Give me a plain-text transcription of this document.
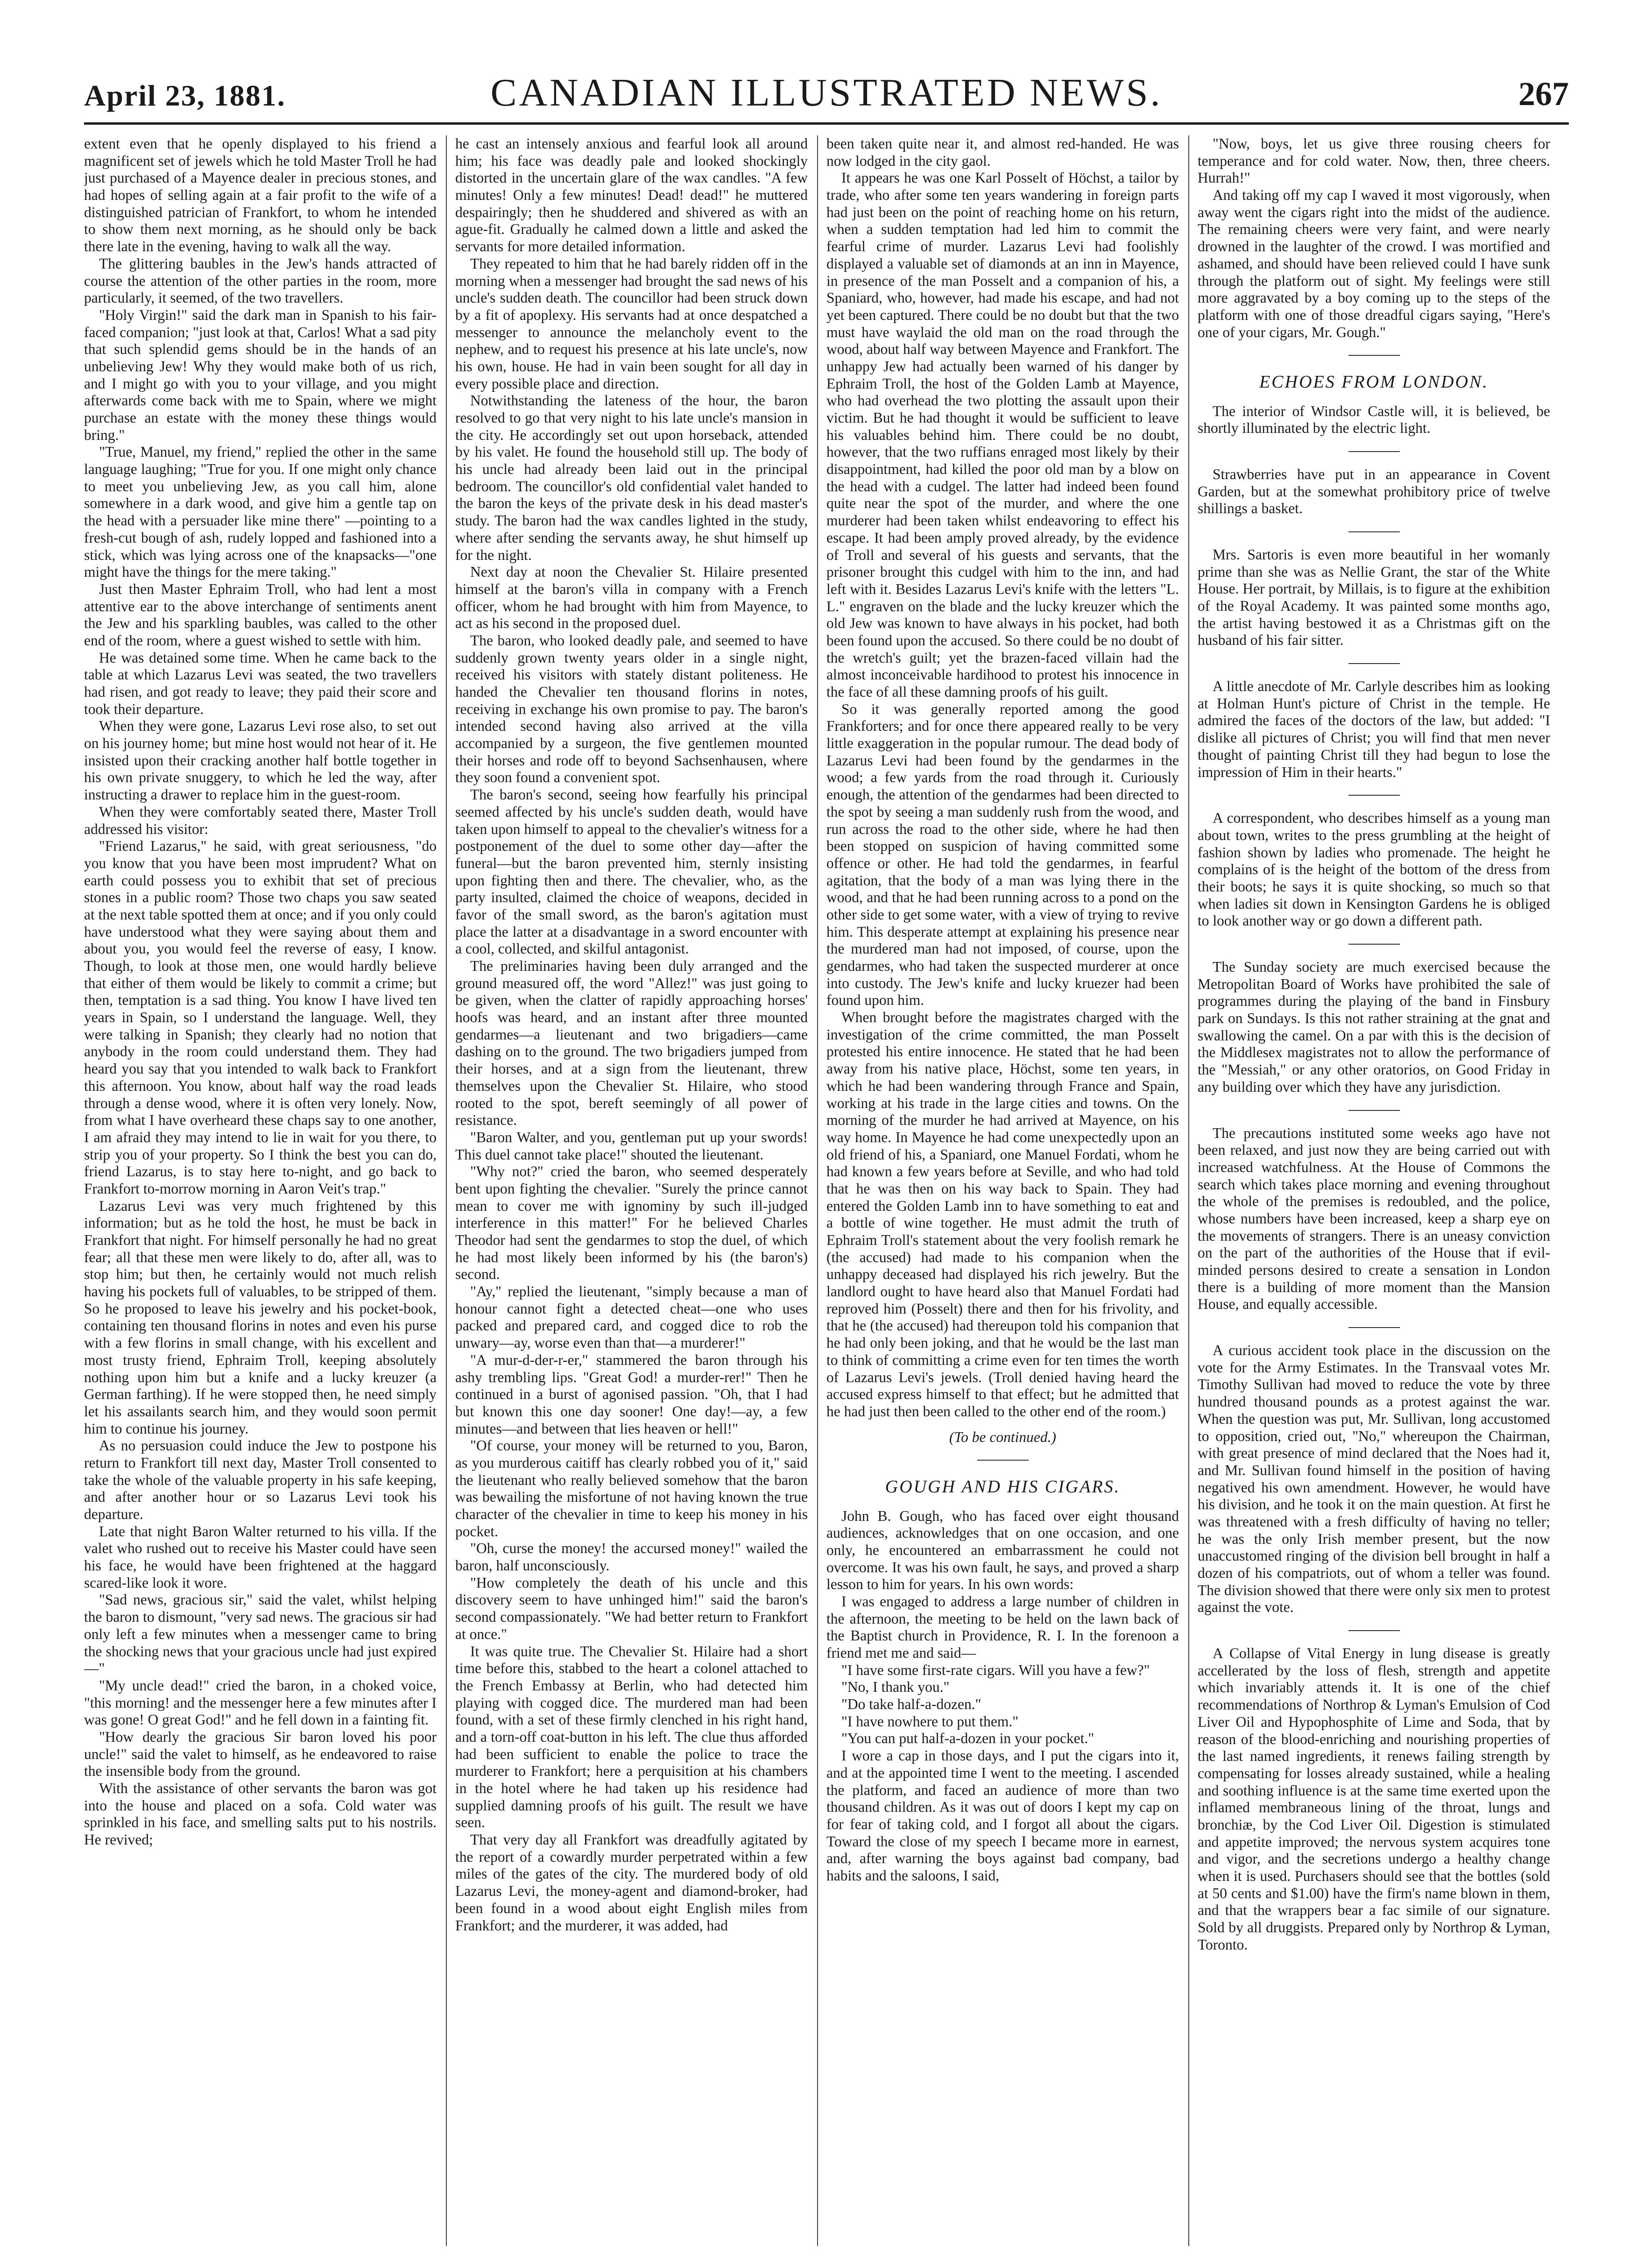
April 23, 1881.	CANADIAN ILLUSTRATED NEWS.	267

extent even that he openly displayed to his friend a magnificent set of jewels which he told Master Troll he had just purchased of a Mayence dealer in precious stones, and had hopes of selling again at a fair profit to the wife of a distinguished patrician of Frankfort, to whom he intended to show them next morning, as he should only be back there late in the evening, having to walk all the way.

The glittering baubles in the Jew's hands attracted of course the attention of the other parties in the room, more particularly, it seemed, of the two travellers.

"Holy Virgin!" said the dark man in Spanish to his fair-faced companion; "just look at that, Carlos! What a sad pity that such splendid gems should be in the hands of an unbelieving Jew! Why they would make both of us rich, and I might go with you to your village, and you might afterwards come back with me to Spain, where we might purchase an estate with the money these things would bring."

"True, Manuel, my friend," replied the other in the same language laughing; "True for you. If one might only chance to meet you unbelieving Jew, as you call him, alone somewhere in a dark wood, and give him a gentle tap on the head with a persuader like mine there" —pointing to a fresh-cut bough of ash, rudely lopped and fashioned into a stick, which was lying across one of the knapsacks—"one might have the things for the mere taking."

Just then Master Ephraim Troll, who had lent a most attentive ear to the above interchange of sentiments anent the Jew and his sparkling baubles, was called to the other end of the room, where a guest wished to settle with him.

He was detained some time. When he came back to the table at which Lazarus Levi was seated, the two travellers had risen, and got ready to leave; they paid their score and took their departure.

When they were gone, Lazarus Levi rose also, to set out on his journey home; but mine host would not hear of it. He insisted upon their cracking another half bottle together in his own private snuggery, to which he led the way, after instructing a drawer to replace him in the guest-room.

When they were comfortably seated there, Master Troll addressed his visitor:

"Friend Lazarus," he said, with great seriousness, "do you know that you have been most imprudent? What on earth could possess you to exhibit that set of precious stones in a public room? Those two chaps you saw seated at the next table spotted them at once; and if you only could have understood what they were saying about them and about you, you would feel the reverse of easy, I know. Though, to look at those men, one would hardly believe that either of them would be likely to commit a crime; but then, temptation is a sad thing. You know I have lived ten years in Spain, so I understand the language. Well, they were talking in Spanish; they clearly had no notion that anybody in the room could understand them. They had heard you say that you intended to walk back to Frankfort this afternoon. You know, about half way the road leads through a dense wood, where it is often very lonely. Now, from what I have overheard these chaps say to one another, I am afraid they may intend to lie in wait for you there, to strip you of your property. So I think the best you can do, friend Lazarus, is to stay here to-night, and go back to Frankfort to-morrow morning in Aaron Veit's trap."

Lazarus Levi was very much frightened by this information; but as he told the host, he must be back in Frankfort that night. For himself personally he had no great fear; all that these men were likely to do, after all, was to stop him; but then, he certainly would not much relish having his pockets full of valuables, to be stripped of them. So he proposed to leave his jewelry and his pocket-book, containing ten thousand florins in notes and even his purse with a few florins in small change, with his excellent and most trusty friend, Ephraim Troll, keeping absolutely nothing upon him but a knife and a lucky kreuzer (a German farthing). If he were stopped then, he need simply let his assailants search him, and they would soon permit him to continue his journey.

As no persuasion could induce the Jew to postpone his return to Frankfort till next day, Master Troll consented to take the whole of the valuable property in his safe keeping, and after another hour or so Lazarus Levi took his departure.

Late that night Baron Walter returned to his villa. If the valet who rushed out to receive his Master could have seen his face, he would have been frightened at the haggard scared-like look it wore.

"Sad news, gracious sir," said the valet, whilst helping the baron to dismount, "very sad news. The gracious sir had only left a few minutes when a messenger came to bring the shocking news that your gracious uncle had just expired—"

"My uncle dead!" cried the baron, in a choked voice, "this morning! and the messenger here a few minutes after I was gone! O great God!" and he fell down in a fainting fit.

"How dearly the gracious Sir baron loved his poor uncle!" said the valet to himself, as he endeavored to raise the insensible body from the ground.

With the assistance of other servants the baron was got into the house and placed on a sofa. Cold water was sprinkled in his face, and smelling salts put to his nostrils. He revived;

he cast an intensely anxious and fearful look all around him; his face was deadly pale and looked shockingly distorted in the uncertain glare of the wax candles. "A few minutes! Only a few minutes! Dead! dead!" he muttered despairingly; then he shuddered and shivered as with an ague-fit. Gradually he calmed down a little and asked the servants for more detailed information.

They repeated to him that he had barely ridden off in the morning when a messenger had brought the sad news of his uncle's sudden death. The councillor had been struck down by a fit of apoplexy. His servants had at once despatched a messenger to announce the melancholy event to the nephew, and to request his presence at his late uncle's, now his own, house. He had in vain been sought for all day in every possible place and direction.

Notwithstanding the lateness of the hour, the baron resolved to go that very night to his late uncle's mansion in the city. He accordingly set out upon horseback, attended by his valet. He found the household still up. The body of his uncle had already been laid out in the principal bedroom. The councillor's old confidential valet handed to the baron the keys of the private desk in his dead master's study. The baron had the wax candles lighted in the study, where after sending the servants away, he shut himself up for the night.

Next day at noon the Chevalier St. Hilaire presented himself at the baron's villa in company with a French officer, whom he had brought with him from Mayence, to act as his second in the proposed duel.

The baron, who looked deadly pale, and seemed to have suddenly grown twenty years older in a single night, received his visitors with stately distant politeness. He handed the Chevalier ten thousand florins in notes, receiving in exchange his own promise to pay. The baron's intended second having also arrived at the villa accompanied by a surgeon, the five gentlemen mounted their horses and rode off to beyond Sachsenhausen, where they soon found a convenient spot.

The baron's second, seeing how fearfully his principal seemed affected by his uncle's sudden death, would have taken upon himself to appeal to the chevalier's witness for a postponement of the duel to some other day—after the funeral—but the baron prevented him, sternly insisting upon fighting then and there. The chevalier, who, as the party insulted, claimed the choice of weapons, decided in favor of the small sword, as the baron's agitation must place the latter at a disadvantage in a sword encounter with a cool, collected, and skilful antagonist.

The preliminaries having been duly arranged and the ground measured off, the word "Allez!" was just going to be given, when the clatter of rapidly approaching horses' hoofs was heard, and an instant after three mounted gendarmes—a lieutenant and two brigadiers—came dashing on to the ground. The two brigadiers jumped from their horses, and at a sign from the lieutenant, threw themselves upon the Chevalier St. Hilaire, who stood rooted to the spot, bereft seemingly of all power of resistance.

"Baron Walter, and you, gentleman put up your swords! This duel cannot take place!" shouted the lieutenant.

"Why not?" cried the baron, who seemed desperately bent upon fighting the chevalier. "Surely the prince cannot mean to cover me with ignominy by such ill-judged interference in this matter!" For he believed Charles Theodor had sent the gendarmes to stop the duel, of which he had most likely been informed by his (the baron's) second.

"Ay," replied the lieutenant, "simply because a man of honour cannot fight a detected cheat—one who uses packed and prepared card, and cogged dice to rob the unwary—ay, worse even than that—a murderer!"

"A mur-d-der-r-er," stammered the baron through his ashy trembling lips. "Great God! a murder-rer!" Then he continued in a burst of agonised passion. "Oh, that I had but known this one day sooner! One day!—ay, a few minutes—and between that lies heaven or hell!"

"Of course, your money will be returned to you, Baron, as you murderous caitiff has clearly robbed you of it," said the lieutenant who really believed somehow that the baron was bewailing the misfortune of not having known the true character of the chevalier in time to keep his money in his pocket.

"Oh, curse the money! the accursed money!" wailed the baron, half unconsciously.

"How completely the death of his uncle and this discovery seem to have unhinged him!" said the baron's second compassionately. "We had better return to Frankfort at once."

It was quite true. The Chevalier St. Hilaire had a short time before this, stabbed to the heart a colonel attached to the French Embassy at Berlin, who had detected him playing with cogged dice. The murdered man had been found, with a set of these firmly clenched in his right hand, and a torn-off coat-button in his left. The clue thus afforded had been sufficient to enable the police to trace the murderer to Frankfort; here a perquisition at his chambers in the hotel where he had taken up his residence had supplied damning proofs of his guilt. The result we have seen.

That very day all Frankfort was dreadfully agitated by the report of a cowardly murder perpetrated within a few miles of the gates of the city. The murdered body of old Lazarus Levi, the money-agent and diamond-broker, had been found in a wood about eight English miles from Frankfort; and the murderer, it was added, had

been taken quite near it, and almost red-handed. He was now lodged in the city gaol.

It appears he was one Karl Posselt of Höchst, a tailor by trade, who after some ten years wandering in foreign parts had just been on the point of reaching home on his return, when a sudden temptation had led him to commit the fearful crime of murder. Lazarus Levi had foolishly displayed a valuable set of diamonds at an inn in Mayence, in presence of the man Posselt and a companion of his, a Spaniard, who, however, had made his escape, and had not yet been captured. There could be no doubt but that the two must have waylaid the old man on the road through the wood, about half way between Mayence and Frankfort. The unhappy Jew had actually been warned of his danger by Ephraim Troll, the host of the Golden Lamb at Mayence, who had overhead the two plotting the assault upon their victim. But he had thought it would be sufficient to leave his valuables behind him. There could be no doubt, however, that the two ruffians enraged most likely by their disappointment, had killed the poor old man by a blow on the head with a cudgel. The latter had indeed been found quite near the spot of the murder, and where the one murderer had been taken whilst endeavoring to effect his escape. It had been amply proved already, by the evidence of Troll and several of his guests and servants, that the prisoner brought this cudgel with him to the inn, and had left with it. Besides Lazarus Levi's knife with the letters "L. L." engraven on the blade and the lucky kreuzer which the old Jew was known to have always in his pocket, had both been found upon the accused. So there could be no doubt of the wretch's guilt; yet the brazen-faced villain had the almost inconceivable hardihood to protest his innocence in the face of all these damning proofs of his guilt.

So it was generally reported among the good Frankforters; and for once there appeared really to be very little exaggeration in the popular rumour. The dead body of Lazarus Levi had been found by the gendarmes in the wood; a few yards from the road through it. Curiously enough, the attention of the gendarmes had been directed to the spot by seeing a man suddenly rush from the wood, and run across the road to the other side, where he had then been stopped on suspicion of having committed some offence or other. He had told the gendarmes, in fearful agitation, that the body of a man was lying there in the wood, and that he had been running across to a pond on the other side to get some water, with a view of trying to revive him. This desperate attempt at explaining his presence near the murdered man had not imposed, of course, upon the gendarmes, who had taken the suspected murderer at once into custody. The Jew's knife and lucky kruezer had been found upon him.

When brought before the magistrates charged with the investigation of the crime committed, the man Posselt protested his entire innocence. He stated that he had been away from his native place, Höchst, some ten years, in which he had been wandering through France and Spain, working at his trade in the large cities and towns. On the morning of the murder he had arrived at Mayence, on his way home. In Mayence he had come unexpectedly upon an old friend of his, a Spaniard, one Manuel Fordati, whom he had known a few years before at Seville, and who had told that he was then on his way back to Spain. They had entered the Golden Lamb inn to have something to eat and a bottle of wine together. He must admit the truth of Ephraim Troll's statement about the very foolish remark he (the accused) had made to his companion when the unhappy deceased had displayed his rich jewelry. But the landlord ought to have heard also that Manuel Fordati had reproved him (Posselt) there and then for his frivolity, and that he (the accused) had thereupon told his companion that he had only been joking, and that he would be the last man to think of committing a crime even for ten times the worth of Lazarus Levi's jewels. (Troll denied having heard the accused express himself to that effect; but he admitted that he had just then been called to the other end of the room.)

(To be continued.)

GOUGH AND HIS CIGARS.

John B. Gough, who has faced over eight thousand audiences, acknowledges that on one occasion, and one only, he encountered an embarrassment he could not overcome. It was his own fault, he says, and proved a sharp lesson to him for years. In his own words:

I was engaged to address a large number of children in the afternoon, the meeting to be held on the lawn back of the Baptist church in Providence, R. I. In the forenoon a friend met me and said—

"I have some first-rate cigars. Will you have a few?"

"No, I thank you."

"Do take half-a-dozen."

"I have nowhere to put them."

"You can put half-a-dozen in your pocket."

I wore a cap in those days, and I put the cigars into it, and at the appointed time I went to the meeting. I ascended the platform, and faced an audience of more than two thousand children. As it was out of doors I kept my cap on for fear of taking cold, and I forgot all about the cigars. Toward the close of my speech I became more in earnest, and, after warning the boys against bad company, bad habits and the saloons, I said,

"Now, boys, let us give three rousing cheers for temperance and for cold water. Now, then, three cheers. Hurrah!"

And taking off my cap I waved it most vigorously, when away went the cigars right into the midst of the audience. The remaining cheers were very faint, and were nearly drowned in the laughter of the crowd. I was mortified and ashamed, and should have been relieved could I have sunk through the platform out of sight. My feelings were still more aggravated by a boy coming up to the steps of the platform with one of those dreadful cigars saying, "Here's one of your cigars, Mr. Gough."

ECHOES FROM LONDON.

The interior of Windsor Castle will, it is believed, be shortly illuminated by the electric light.

Strawberries have put in an appearance in Covent Garden, but at the somewhat prohibitory price of twelve shillings a basket.

Mrs. Sartoris is even more beautiful in her womanly prime than she was as Nellie Grant, the star of the White House. Her portrait, by Millais, is to figure at the exhibition of the Royal Academy. It was painted some months ago, the artist having bestowed it as a Christmas gift on the husband of his fair sitter.

A little anecdote of Mr. Carlyle describes him as looking at Holman Hunt's picture of Christ in the temple. He admired the faces of the doctors of the law, but added: "I dislike all pictures of Christ; you will find that men never thought of painting Christ till they had begun to lose the impression of Him in their hearts."

A correspondent, who describes himself as a young man about town, writes to the press grumbling at the height of fashion shown by ladies who promenade. The height he complains of is the height of the bottom of the dress from their boots; he says it is quite shocking, so much so that when ladies sit down in Kensington Gardens he is obliged to look another way or go down a different path.

The Sunday society are much exercised because the Metropolitan Board of Works have prohibited the sale of programmes during the playing of the band in Finsbury park on Sundays. Is this not rather straining at the gnat and swallowing the camel. On a par with this is the decision of the Middlesex magistrates not to allow the performance of the "Messiah," or any other oratorios, on Good Friday in any building over which they have any jurisdiction.

The precautions instituted some weeks ago have not been relaxed, and just now they are being carried out with increased watchfulness. At the House of Commons the search which takes place morning and evening throughout the whole of the premises is redoubled, and the police, whose numbers have been increased, keep a sharp eye on the movements of strangers. There is an uneasy conviction on the part of the authorities of the House that if evil-minded persons desired to create a sensation in London there is a building of more moment than the Mansion House, and equally accessible.

A curious accident took place in the discussion on the vote for the Army Estimates. In the Transvaal votes Mr. Timothy Sullivan had moved to reduce the vote by three hundred thousand pounds as a protest against the war. When the question was put, Mr. Sullivan, long accustomed to opposition, cried out, "No," whereupon the Chairman, with great presence of mind declared that the Noes had it, and Mr. Sullivan found himself in the position of having negatived his own amendment. However, he would have his division, and he took it on the main question. At first he was threatened with a fresh difficulty of having no teller; he was the only Irish member present, but the now unaccustomed ringing of the division bell brought in half a dozen of his compatriots, out of whom a teller was found. The division showed that there were only six men to protest against the vote.

A Collapse of Vital Energy in lung disease is greatly accellerated by the loss of flesh, strength and appetite which invariably attends it. It is one of the chief recommendations of Northrop & Lyman's Emulsion of Cod Liver Oil and Hypophosphite of Lime and Soda, that by reason of the blood-enriching and nourishing properties of the last named ingredients, it renews failing strength by compensating for losses already sustained, while a healing and soothing influence is at the same time exerted upon the inflamed membraneous lining of the throat, lungs and bronchiæ, by the Cod Liver Oil. Digestion is stimulated and appetite improved; the nervous system acquires tone and vigor, and the secretions undergo a healthy change when it is used. Purchasers should see that the bottles (sold at 50 cents and $1.00) have the firm's name blown in them, and that the wrappers bear a fac simile of our signature. Sold by all druggists. Prepared only by Northrop & Lyman, Toronto.
